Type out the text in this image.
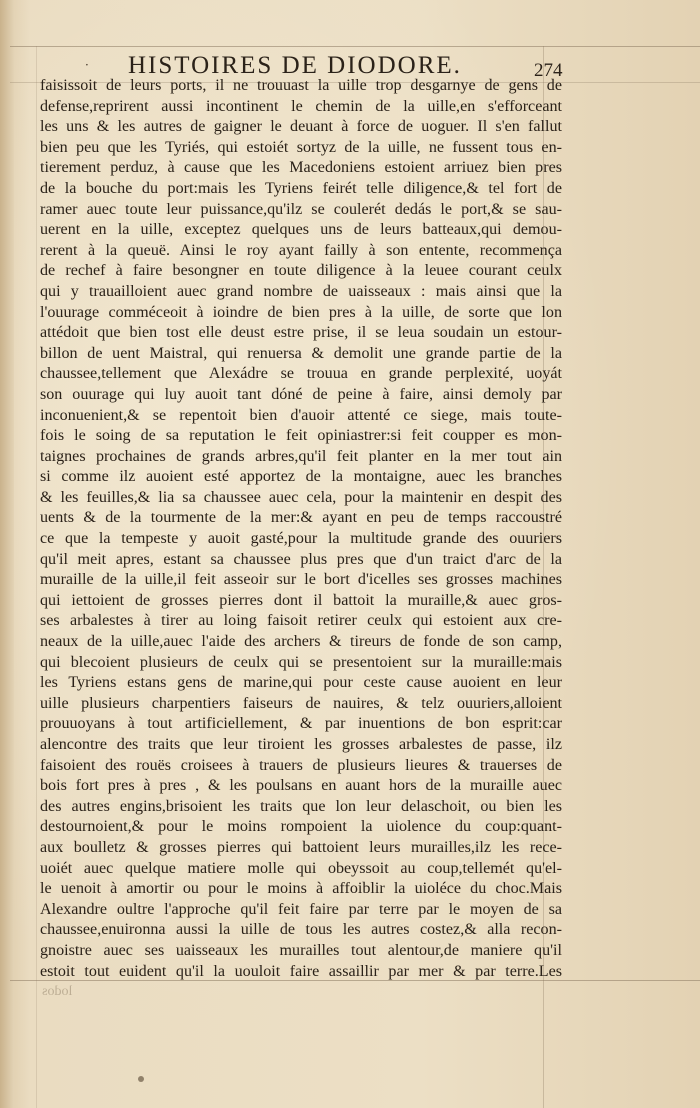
· HISTOIRES DE DIODORE.	274
faisissoit de leurs ports, il ne trouuast la uille trop desgarnye de gens de
defense,reprirent aussi incontinent le chemin de la uille,en s'efforceant
les uns & les autres de gaigner le deuant à force de uoguer. Il s'en fallut
bien peu que les Tyriés, qui estoiét sortyz de la uille, ne fussent tous en-
tierement perduz, à cause que les Macedoniens estoient arriuez bien pres
de la bouche du port:mais les Tyriens feirét telle diligence,& tel fort de
ramer auec toute leur puissance,qu'ilz se coulerét dedás le port,& se sau-
uerent en la uille, exceptez quelques uns de leurs batteaux,qui demou-
rerent à la queuë. Ainsi le roy ayant failly à son entente, recommença
de rechef à faire besongner en toute diligence à la leuee courant ceulx
qui y trauailloient auec grand nombre de uaisseaux : mais ainsi que la
l'ouurage comméceoit à ioindre de bien pres à la uille, de sorte que lon
attédoit que bien tost elle deust estre prise, il se leua soudain un estour-
billon de uent Maistral, qui renuersa & demolit une grande partie de la
chaussee,tellement que Alexádre se trouua en grande perplexité, uoyát
son ouurage qui luy auoit tant dóné de peine à faire, ainsi demoly par
inconuenient,& se repentoit bien d'auoir attenté ce siege, mais toute-
fois le soing de sa reputation le feit opiniastrer:si feit coupper es mon-
taignes prochaines de grands arbres,qu'il feit planter en la mer tout ain
si comme ilz auoient esté apportez de la montaigne, auec les branches
& les feuilles,& lia sa chaussee auec cela, pour la maintenir en despit des
uents & de la tourmente de la mer:& ayant en peu de temps raccoustré
ce que la tempeste y auoit gasté,pour la multitude grande des ouuriers
qu'il meit apres, estant sa chaussee plus pres que d'un traict d'arc de la
muraille de la uille,il feit asseoir sur le bort d'icelles ses grosses machines
qui iettoient de grosses pierres dont il battoit la muraille,& auec gros-
ses arbalestes à tirer au loing faisoit retirer ceulx qui estoient aux cre-
neaux de la uille,auec l'aide des archers & tireurs de fonde de son camp,
qui blecoient plusieurs de ceulx qui se presentoient sur la muraille:mais
les Tyriens estans gens de marine,qui pour ceste cause auoient en leur
uille plusieurs charpentiers faiseurs de nauires, & telz ouuriers,alloient
prouuoyans à tout artificiellement, & par inuentions de bon esprit:car
alencontre des traits que leur tiroient les grosses arbalestes de passe, ilz
faisoient des rouës croisees à trauers de plusieurs lieures & trauerses de
bois fort pres à pres , & les poulsans en auant hors de la muraille auec
des autres engins,brisoient les traits que lon leur delaschoit, ou bien les
destournoient,& pour le moins rompoient la uiolence du coup:quant-
aux boulletz & grosses pierres qui battoient leurs murailles,ilz les rece-
uoiét auec quelque matiere molle qui obeyssoit au coup,tellemét qu'el-
le uenoit à amortir ou pour le moins à affoiblir la uiolécе du choc.Mais
Alexandre oultre l'approche qu'il feit faire par terre par le moyen de sa
chaussee,enuironna aussi la uille de tous les autres costez,& alla recon-
gnoistre auec ses uaisseaux les murailles tout alentour,de maniere qu'il
estoit tout euident qu'il la uouloit faire assaillir par mer & par terre.Les
lodos
